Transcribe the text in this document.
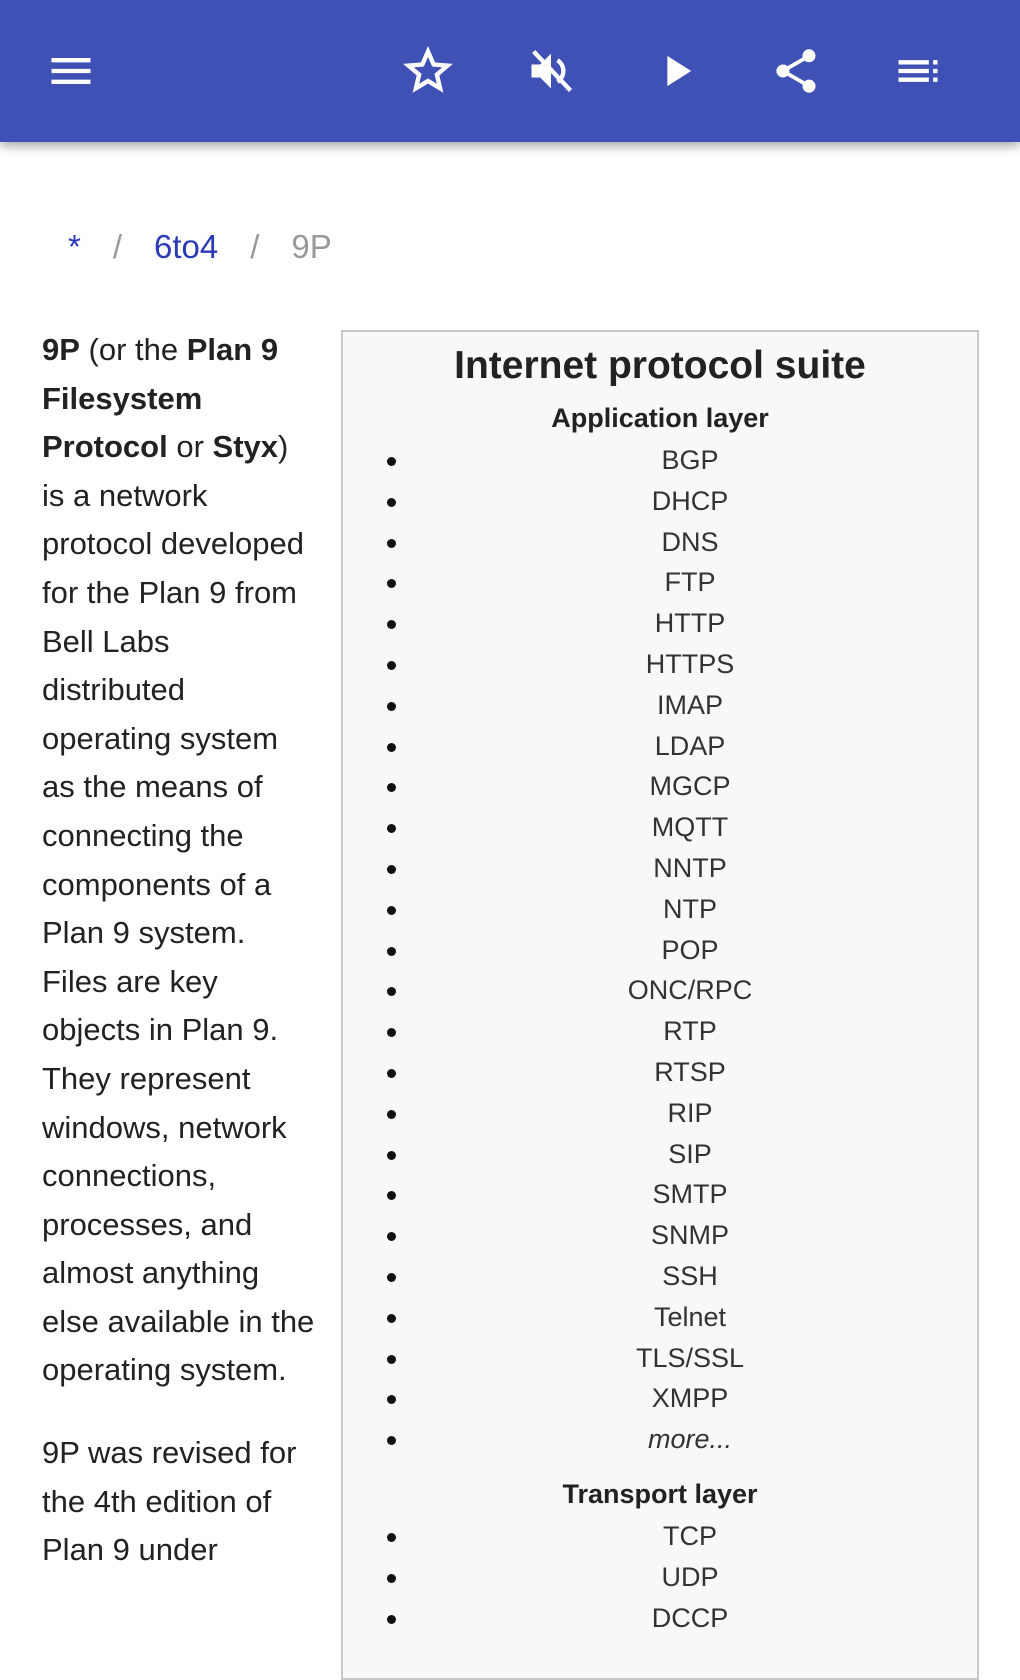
* / 6to4 / 9P

9P (or the Plan 9 Filesystem Protocol or Styx) is a network protocol developed for the Plan 9 from Bell Labs distributed operating system as the means of connecting the components of a Plan 9 system. Files are key objects in Plan 9. They represent windows, network connections, processes, and almost anything else available in the operating system.

9P was revised for the 4th edition of Plan 9 under

Internet protocol suite
Application layer
BGP
DHCP
DNS
FTP
HTTP
HTTPS
IMAP
LDAP
MGCP
MQTT
NNTP
NTP
POP
ONC/RPC
RTP
RTSP
RIP
SIP
SMTP
SNMP
SSH
Telnet
TLS/SSL
XMPP
more...
Transport layer
TCP
UDP
DCCP
